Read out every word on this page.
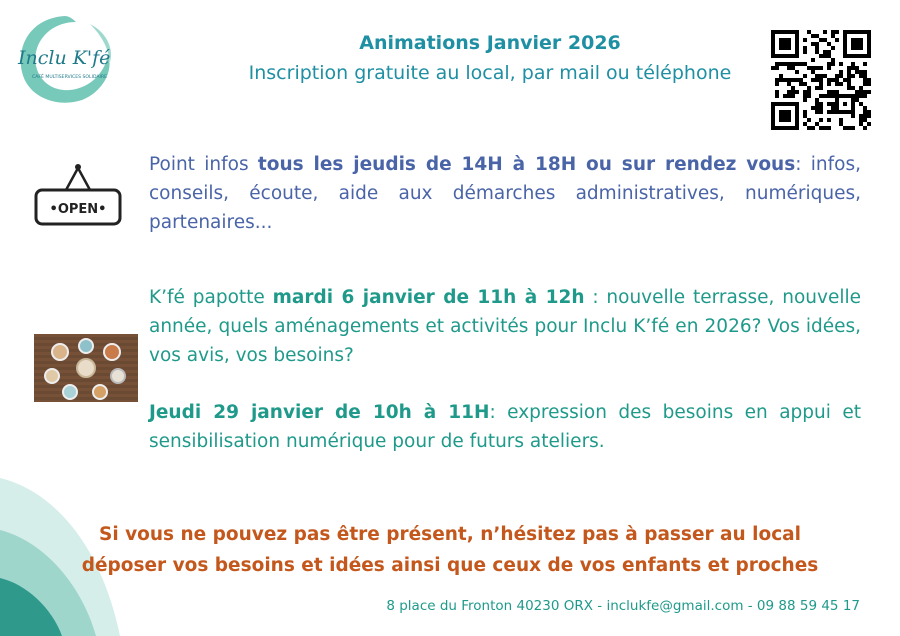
Inclu K'fé
CAFÉ MULTISERVICES SOLIDAIRE
Animations Janvier 2026
Inscription gratuite au local, par mail ou téléphone
•OPEN•
Point infos tous les jeudis de 14H à 18H ou sur rendez vous: infos, conseils, écoute, aide aux démarches administratives, numériques, partenaires...
K’fé papotte mardi 6 janvier de 11h à 12h : nouvelle terrasse, nouvelle année, quels aménagements et activités pour Inclu K’fé en 2026? Vos idées, vos avis, vos besoins?
Jeudi 29 janvier de 10h à 11H: expression des besoins en appui et sensibilisation numérique pour de futurs ateliers.
Si vous ne pouvez pas être présent, n’hésitez pas à passer au local
déposer vos besoins et idées ainsi que ceux de vos enfants et proches
8 place du Fronton 40230 ORX - inclukfe@gmail.com - 09 88 59 45 17
